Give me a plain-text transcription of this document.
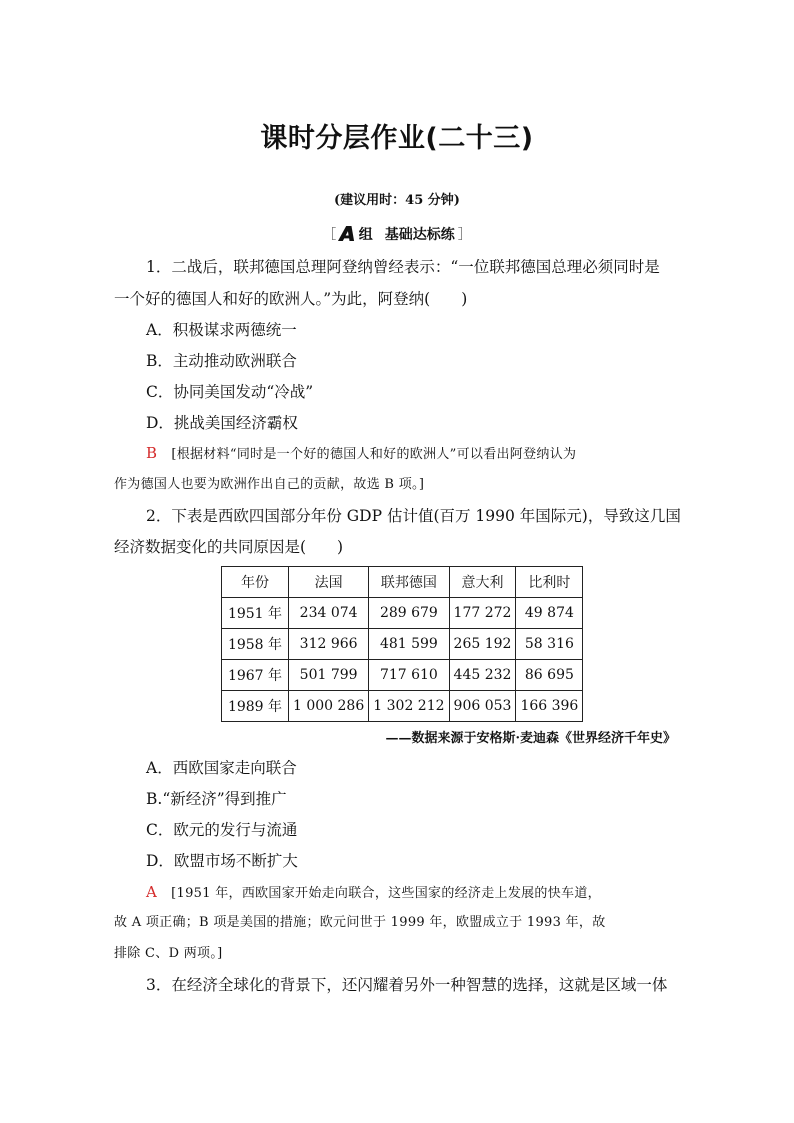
课时分层作业(二十三)
(建议用时：45 分钟)
［ A 组 基础达标练 ］
1．二战后，联邦德国总理阿登纳曾经表示：“一位联邦德国总理必须同时是
一个好的德国人和好的欧洲人。”为此，阿登纳(　　)
A．积极谋求两德统一
B．主动推动欧洲联合
C．协同美国发动“冷战”
D．挑战美国经济霸权
B [根据材料“同时是一个好的德国人和好的欧洲人”可以看出阿登纳认为
作为德国人也要为欧洲作出自己的贡献，故选 B 项。]
2．下表是西欧四国部分年份 GDP 估计值(百万 1990 年国际元)，导致这几国
经济数据变化的共同原因是(　　)
年份	法国	联邦德国	意大利	比利时
1951 年	234 074	289 679	177 272	49 874
1958 年	312 966	481 599	265 192	58 316
1967 年	501 799	717 610	445 232	86 695
1989 年	1 000 286	1 302 212	906 053	166 396
——数据来源于安格斯·麦迪森《世界经济千年史》
A．西欧国家走向联合
B.“新经济”得到推广
C．欧元的发行与流通
D．欧盟市场不断扩大
A [1951 年，西欧国家开始走向联合，这些国家的经济走上发展的快车道，
故 A 项正确；B 项是美国的措施；欧元问世于 1999 年，欧盟成立于 1993 年，故
排除 C、D 两项。]
3．在经济全球化的背景下，还闪耀着另外一种智慧的选择，这就是区域一体
